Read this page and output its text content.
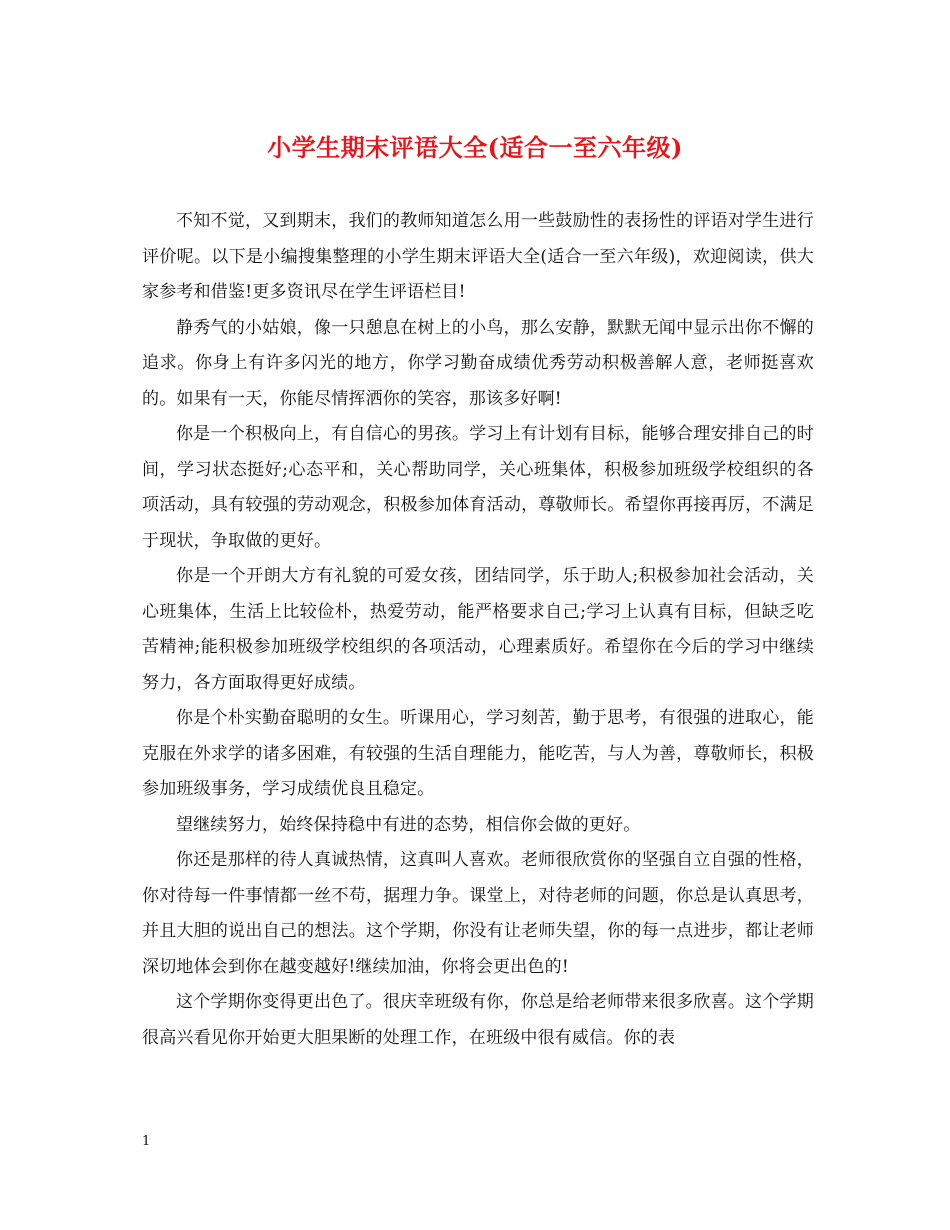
小学生期末评语大全(适合一至六年级)

不知不觉，又到期末，我们的教师知道怎么用一些鼓励性的表扬性的评语对学生进行评价呢。以下是小编搜集整理的小学生期末评语大全(适合一至六年级)，欢迎阅读，供大家参考和借鉴!更多资讯尽在学生评语栏目!

静秀气的小姑娘，像一只憩息在树上的小鸟，那么安静，默默无闻中显示出你不懈的追求。你身上有许多闪光的地方，你学习勤奋成绩优秀劳动积极善解人意，老师挺喜欢的。如果有一天，你能尽情挥洒你的笑容，那该多好啊!

你是一个积极向上，有自信心的男孩。学习上有计划有目标，能够合理安排自己的时间，学习状态挺好;心态平和，关心帮助同学，关心班集体，积极参加班级学校组织的各项活动，具有较强的劳动观念，积极参加体育活动，尊敬师长。希望你再接再厉，不满足于现状，争取做的更好。

你是一个开朗大方有礼貌的可爱女孩，团结同学，乐于助人;积极参加社会活动，关心班集体，生活上比较俭朴，热爱劳动，能严格要求自己;学习上认真有目标，但缺乏吃苦精神;能积极参加班级学校组织的各项活动，心理素质好。希望你在今后的学习中继续努力，各方面取得更好成绩。

你是个朴实勤奋聪明的女生。听课用心，学习刻苦，勤于思考，有很强的进取心，能克服在外求学的诸多困难，有较强的生活自理能力，能吃苦，与人为善，尊敬师长，积极参加班级事务，学习成绩优良且稳定。

望继续努力，始终保持稳中有进的态势，相信你会做的更好。

你还是那样的待人真诚热情，这真叫人喜欢。老师很欣赏你的坚强自立自强的性格，你对待每一件事情都一丝不苟，据理力争。课堂上，对待老师的问题，你总是认真思考，并且大胆的说出自己的想法。这个学期，你没有让老师失望，你的每一点进步，都让老师深切地体会到你在越变越好!继续加油，你将会更出色的!

这个学期你变得更出色了。很庆幸班级有你，你总是给老师带来很多欣喜。这个学期很高兴看见你开始更大胆果断的处理工作，在班级中很有威信。你的表

1
